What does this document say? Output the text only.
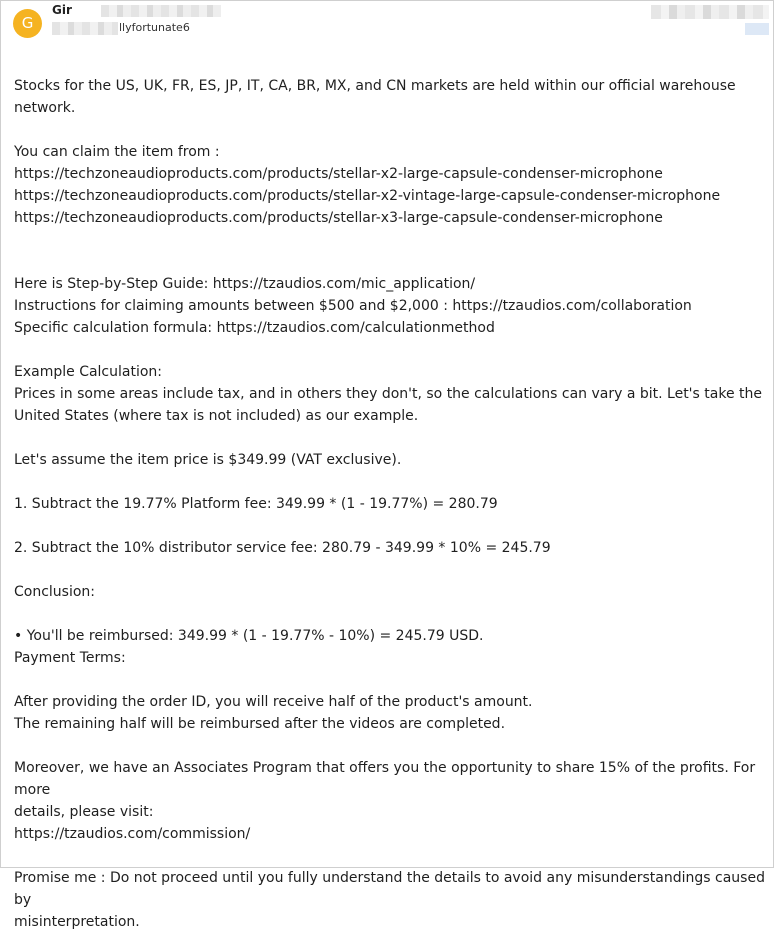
G
Gir
llyfortunate6

Stocks for the US, UK, FR, ES, JP, IT, CA, BR, MX, and CN markets are held within our official warehouse network.

You can claim the item from :

https://techzoneaudioproducts.com/products/stellar-x2-large-capsule-condenser-microphone

https://techzoneaudioproducts.com/products/stellar-x2-vintage-large-capsule-condenser-microphone

https://techzoneaudioproducts.com/products/stellar-x3-large-capsule-condenser-microphone

Here is Step-by-Step Guide: https://tzaudios.com/mic_application/

Instructions for claiming amounts between $500 and $2,000 : https://tzaudios.com/collaboration

Specific calculation formula: https://tzaudios.com/calculationmethod

Example Calculation:

Prices in some areas include tax, and in others they don't, so the calculations can vary a bit. Let's take the

United States (where tax is not included) as our example.

Let's assume the item price is $349.99 (VAT exclusive).

1. Subtract the 19.77% Platform fee: 349.99 * (1 - 19.77%) = 280.79

2. Subtract the 10% distributor service fee: 280.79 - 349.99 * 10% = 245.79

Conclusion:

• You'll be reimbursed: 349.99 * (1 - 19.77% - 10%) = 245.79 USD.

Payment Terms:

After providing the order ID, you will receive half of the product's amount.

The remaining half will be reimbursed after the videos are completed.

Moreover, we have an Associates Program that offers you the opportunity to share 15% of the profits. For more

details, please visit:

https://tzaudios.com/commission/

Promise me : Do not proceed until you fully understand the details to avoid any misunderstandings caused by

misinterpretation.
